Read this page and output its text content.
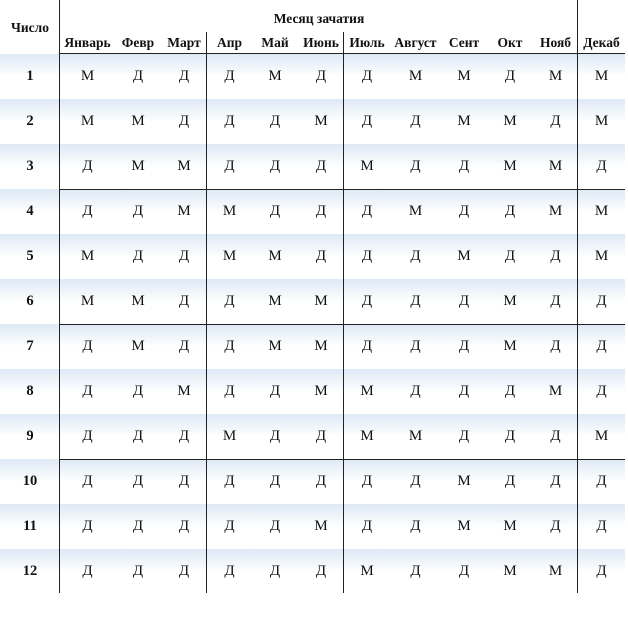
Число
Месяц зачатия
Январь Февр Март	Апр	Май	Июнь Июль Август Сент	Окт	Нояб Декаб
1	М	Д	Д	Д	М	Д	Д	М	М	Д	М	М
2	М	М	Д	Д	Д	М	Д	Д	М	М	Д	М
3	Д	М	М	Д	Д	Д	М	Д	Д	М	М	Д
4	Д	Д	М	М	Д	Д	Д	М	Д	Д	М	М
5	М	Д	Д	М	М	Д	Д	Д	М	Д	Д	М
6	М	М	Д	Д	М	М	Д	Д	Д	М	Д	Д
7	Д	М	Д	Д	М	М	Д	Д	Д	М	Д	Д
8	Д	Д	М	Д	Д	М	М	Д	Д	Д	М	Д
9	Д	Д	Д	М	Д	Д	М	М	Д	Д	Д	М
10	Д	Д	Д	Д	Д	Д	Д	Д	М	Д	Д	Д
11	Д	Д	Д	Д	Д	М	Д	Д	М	М	Д	Д
12	Д	Д	Д	Д	Д	Д	М	Д	Д	М	М	Д
